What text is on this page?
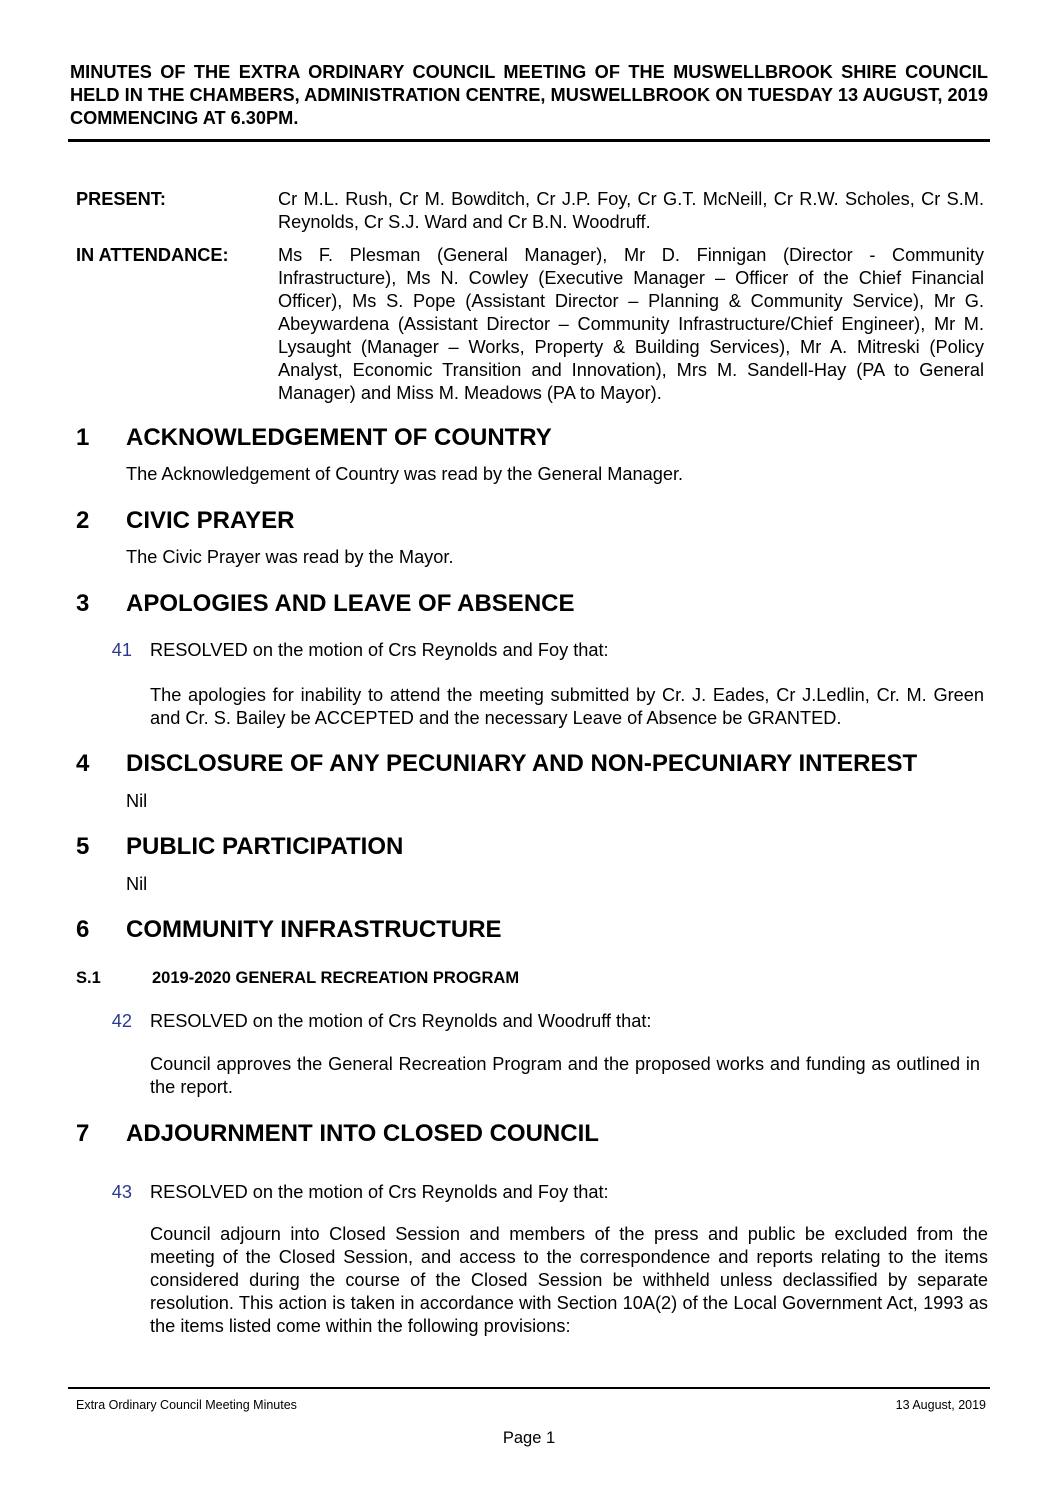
MINUTES OF THE EXTRA ORDINARY COUNCIL MEETING OF THE MUSWELLBROOK SHIRE COUNCIL HELD IN THE CHAMBERS, ADMINISTRATION CENTRE, MUSWELLBROOK ON TUESDAY 13 AUGUST, 2019 COMMENCING AT 6.30PM.
PRESENT:	Cr M.L. Rush, Cr M. Bowditch, Cr J.P. Foy, Cr G.T. McNeill, Cr R.W. Scholes, Cr S.M. Reynolds, Cr S.J. Ward and Cr B.N. Woodruff.
IN ATTENDANCE:	Ms F. Plesman (General Manager), Mr D. Finnigan (Director - Community Infrastructure), Ms N. Cowley (Executive Manager – Officer of the Chief Financial Officer), Ms S. Pope (Assistant Director – Planning & Community Service), Mr G. Abeywardena (Assistant Director – Community Infrastructure/Chief Engineer), Mr M. Lysaught (Manager – Works, Property & Building Services), Mr A. Mitreski (Policy Analyst, Economic Transition and Innovation), Mrs M. Sandell-Hay (PA to General Manager) and Miss M. Meadows (PA to Mayor).
1 ACKNOWLEDGEMENT OF COUNTRY
The Acknowledgement of Country was read by the General Manager.
2 CIVIC PRAYER
The Civic Prayer was read by the Mayor.
3 APOLOGIES AND LEAVE OF ABSENCE
41 RESOLVED on the motion of Crs Reynolds and Foy that:
The apologies for inability to attend the meeting submitted by Cr. J. Eades, Cr J.Ledlin, Cr. M. Green and Cr. S. Bailey be ACCEPTED and the necessary Leave of Absence be GRANTED.
4 DISCLOSURE OF ANY PECUNIARY AND NON-PECUNIARY INTEREST
Nil
5 PUBLIC PARTICIPATION
Nil
6 COMMUNITY INFRASTRUCTURE
S.1	2019-2020 GENERAL RECREATION PROGRAM
42 RESOLVED on the motion of Crs Reynolds and Woodruff that:
Council approves the General Recreation Program and the proposed works and funding as outlined in the report.
7 ADJOURNMENT INTO CLOSED COUNCIL
43 RESOLVED on the motion of Crs Reynolds and Foy that:
Council adjourn into Closed Session and members of the press and public be excluded from the meeting of the Closed Session, and access to the correspondence and reports relating to the items considered during the course of the Closed Session be withheld unless declassified by separate resolution. This action is taken in accordance with Section 10A(2) of the Local Government Act, 1993 as the items listed come within the following provisions:
Extra Ordinary Council Meeting Minutes	13 August, 2019
Page 1
